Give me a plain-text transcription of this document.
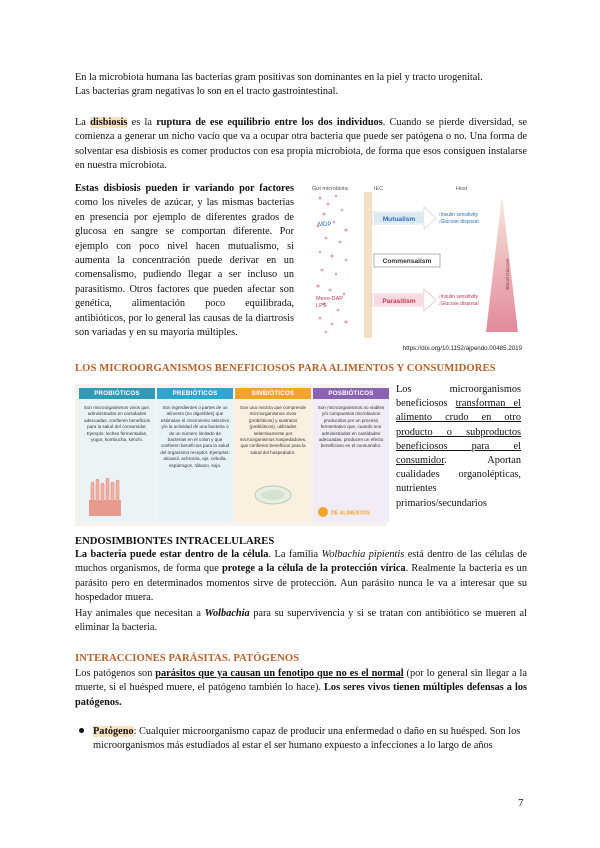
En la microbiota humana las bacterias gram positivas son dominantes en la piel y tracto urogenital.

Las bacterias gram negativas lo son en el tracto gastrointestinal.

La disbiosis es la ruptura de ese equilibrio entre los dos individuos. Cuando se pierde diversidad, se comienza a generar un nicho vacío que va a ocupar otra bacteria que puede ser patógena o no. Una forma de solventar esa disbiosis es comer productos con esa propia microbiota, de forma que esos consiguen instalarse en nuestra microbiota.

Estas disbiosis pueden ir variando por factores como los niveles de azúcar, y las mismas bacterias en presencia por ejemplo de diferentes grados de glucosa en sangre se comportan diferente. Por ejemplo con poco nivel hacen mutualismo, si aumenta la concentración puede derivar en un comensalismo, pudiendo llegar a ser incluso un parasitismo. Otros factores que pueden afectar son genética, alimentación poco equilibrada, antibióticos, por lo general las causas de la diartrosis son variadas y en su mayoría múltiples.

Gut microbiota	IEC	Host
MDP
Mutualism
↑Insulin sensitivity
↓Glucose disposal
Commensalism
Meso-DAP
LPS
Parasitism
↓Insulin sensitivity
↓Glucose disposal
Blood Glucose
https://doi.org/10.1152/ajpendo.00485.2019
LOS MICROORGANISMOS BENEFICIOSOS PARA ALIMENTOS Y CONSUMIDORES
PROBIÓTICOS
Son microorganismos vivos que, administrados en cantidades adecuadas, confieren beneficios para la salud del consumidor. Ejemplo: leches fermentadas, yogur, kombucha, kimchi.
PREBIÓTICOS
Son ingredientes o partes de un alimento (no digeribles) que estimulan el crecimiento selectivo y/o la actividad de una bacteria o de un número limitado de bacterias en el colon y que confieren beneficios para la salud del organismo receptor. Ejemplos: alcausil, achicoria, ajo, cebolla, espárragos, rábano, soja.
SINBIÓTICOS
Son una mezcla que comprende microorganismos vivos (probióticos) y sustratos (prebióticos), utilizados selectivamente por microorganismos hospedadores, que confieren beneficios para la salud del hospedador.
POSBIÓTICOS
Son microorganismos no viables y/o compuestos microbianos producidos por un proceso fermentativo que, cuando son administrados en cantidades adecuadas, producen un efecto beneficioso en el consumidor.
DE ALIMENTOS

Los microorganismos beneficiosos transforman el alimento crudo en otro producto o subproductos beneficiosos para el consumidor. Aportan cualidades organolépticas, nutrientes primarios/secundarios

ENDOSIMBIONTES INTRACELULARES

La bacteria puede estar dentro de la célula. La familia Wolbachia pipientis está dentro de las células de muchos organismos, de forma que protege a la célula de la protección vírica. Realmente la bacteria es un parásito pero en determinados momentos sirve de protección. Aun parásito nunca le va a interesar que su hospedador muera.

Hay animales que necesitan a Wolbachia para su supervivencia y si se tratan con antibiótico se mueren al eliminar la bacteria.

INTERACCIONES PARÁSITAS. PATÓGENOS

Los patógenos son parásitos que ya causan un fenotipo que no es el normal (por lo general sin llegar a la muerte, si el huésped muere, el patógeno también lo hace). Los seres vivos tienen múltiples defensas a los patógenos.

Patógeno: Cualquier microorganismo capaz de producir una enfermedad o daño en su huésped. Son los microorganismos más estudiados al estar el ser humano expuesto a infecciones a lo largo de años

7
